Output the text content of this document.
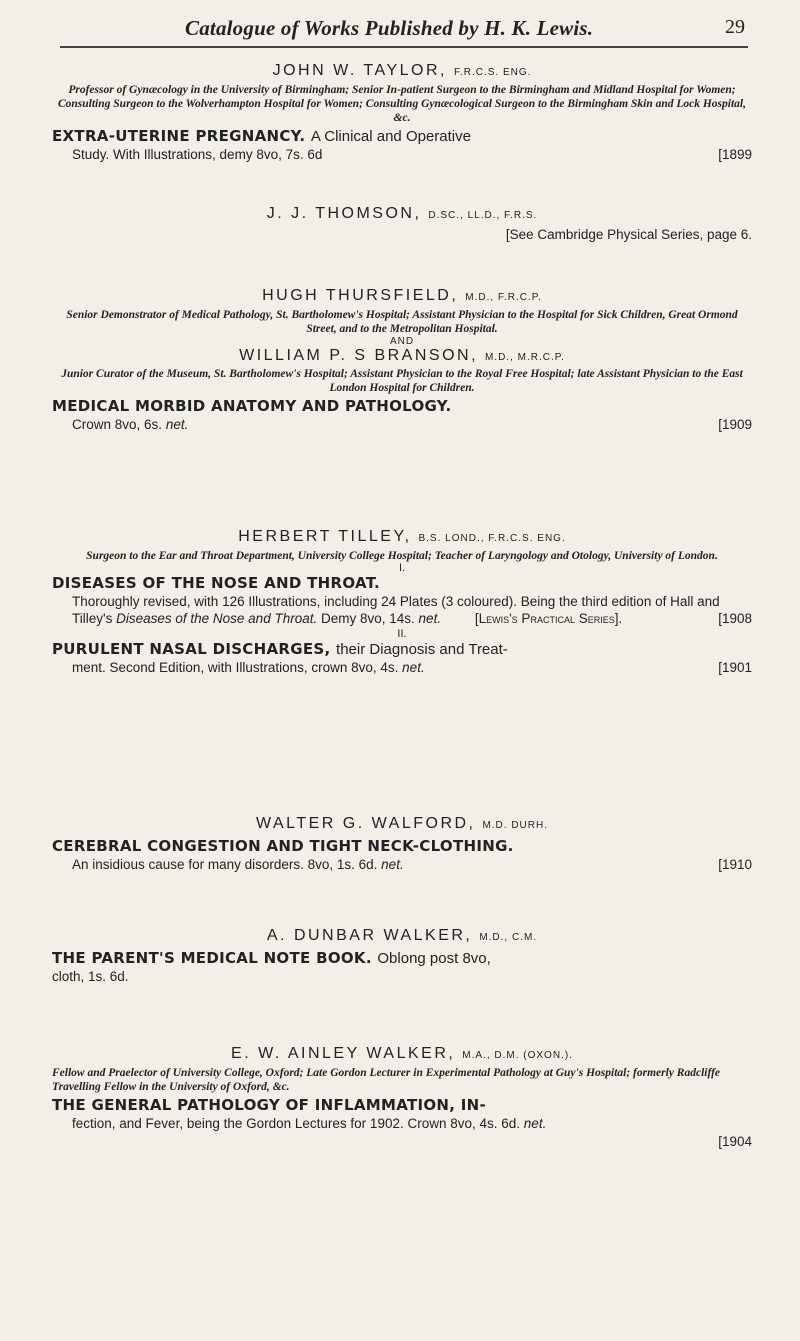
Catalogue of Works Published by H. K. Lewis.	29
JOHN W. TAYLOR, F.R.C.S. ENG.
Professor of Gynæcology in the University of Birmingham; Senior In-patient Surgeon to the Birmingham and Midland Hospital for Women; Consulting Surgeon to the Wolverhampton Hospital for Women; Consulting Gynæcological Surgeon to the Birmingham Skin and Lock Hospital, &c.
EXTRA-UTERINE PREGNANCY. A Clinical and Operative
Study. With Illustrations, demy 8vo, 7s. 6d	[1899
J. J. THOMSON, D.SC., LL.D., F.R.S.
[See Cambridge Physical Series, page 6.
HUGH THURSFIELD, M.D., F.R.C.P.
Senior Demonstrator of Medical Pathology, St. Bartholomew's Hospital; Assistant Physician to the Hospital for Sick Children, Great Ormond Street, and to the Metropolitan Hospital.
AND
WILLIAM P. S BRANSON, M.D., M.R.C.P.
Junior Curator of the Museum, St. Bartholomew's Hospital; Assistant Physician to the Royal Free Hospital; late Assistant Physician to the East London Hospital for Children.
MEDICAL MORBID ANATOMY AND PATHOLOGY.
Crown 8vo, 6s. net.	[1909
HERBERT TILLEY, B.S. LOND., F.R.C.S. ENG.
Surgeon to the Ear and Throat Department, University College Hospital; Teacher of Laryngology and Otology, University of London.
I.
DISEASES OF THE NOSE AND THROAT.
Thoroughly revised, with 126 Illustrations, including 24 Plates (3 coloured). Being the third edition of Hall and Tilley's Diseases of the Nose and Throat. Demy 8vo, 14s. net.	[Lewis's Practical Series].	[1908
II.
PURULENT NASAL DISCHARGES, their Diagnosis and Treat-
ment. Second Edition, with Illustrations, crown 8vo, 4s. net.	[1901
WALTER G. WALFORD, M.D. DURH.
CEREBRAL CONGESTION AND TIGHT NECK-CLOTHING.
An insidious cause for many disorders. 8vo, 1s. 6d. net.	[1910
A. DUNBAR WALKER, M.D., C.M.
THE PARENT'S MEDICAL NOTE BOOK. Oblong post 8vo,
cloth, 1s. 6d.
E. W. AINLEY WALKER, M.A., D.M. (OXON.).
Fellow and Praelector of University College, Oxford; Late Gordon Lecturer in Experimental Pathology at Guy's Hospital; formerly Radcliffe Travelling Fellow in the University of Oxford, &c.
THE GENERAL PATHOLOGY OF INFLAMMATION, IN-
fection, and Fever, being the Gordon Lectures for 1902. Crown 8vo, 4s. 6d. net.
[1904
